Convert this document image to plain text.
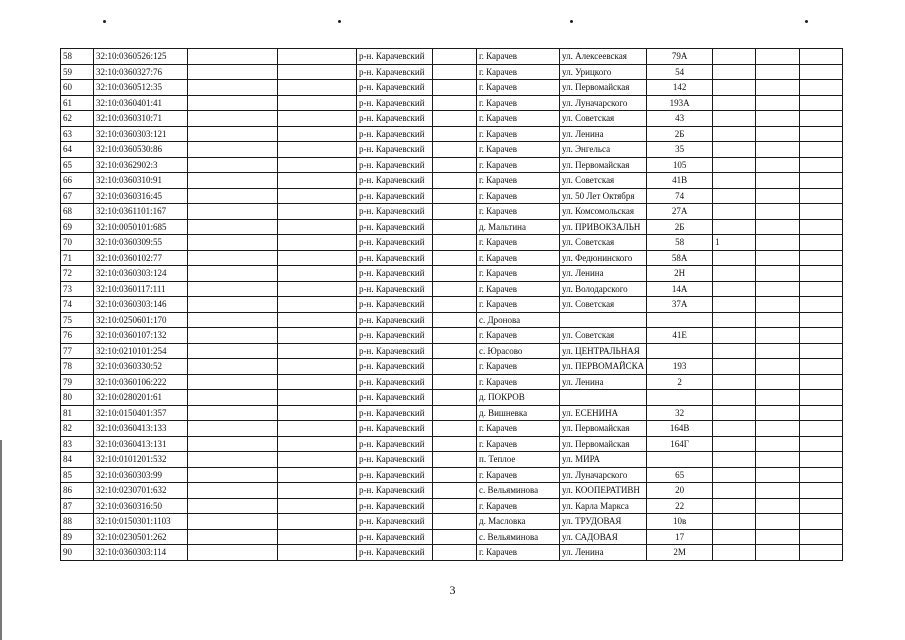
58	32:10:0360526:125			р-н. Карачевский		г. Карачев	ул. Алексеевская	79А			
59	32:10:0360327:76			р-н. Карачевский		г. Карачев	ул. Урицкого	54			
60	32:10:0360512:35			р-н. Карачевский		г. Карачев	ул. Первомайская	142			
61	32:10:0360401:41			р-н. Карачевский		г. Карачев	ул. Луначарского	193А			
62	32:10:0360310:71			р-н. Карачевский		г. Карачев	ул. Советская	43			
63	32:10:0360303:121			р-н. Карачевский		г. Карачев	ул. Ленина	2Б			
64	32:10:0360530:86			р-н. Карачевский		г. Карачев	ул. Энгельса	35			
65	32:10:0362902:3			р-н. Карачевский		г. Карачев	ул. Первомайская	105			
66	32:10:0360310:91			р-н. Карачевский		г. Карачев	ул. Советская	41В			
67	32:10:0360316:45			р-н. Карачевский		г. Карачев	ул. 50 Лет Октября	74			
68	32:10:0361101:167			р-н. Карачевский		г. Карачев	ул. Комсомольская	27А			
69	32:10:0050101:685			р-н. Карачевский		д. Мальтина	ул. ПРИВОКЗАЛЬН	2Б			
70	32:10:0360309:55			р-н. Карачевский		г. Карачев	ул. Советская	58	1		
71	32:10:0360102:77			р-н. Карачевский		г. Карачев	ул. Федюнинского	58А			
72	32:10:0360303:124			р-н. Карачевский		г. Карачев	ул. Ленина	2Н			
73	32:10:0360117:111			р-н. Карачевский		г. Карачев	ул. Володарского	14А			
74	32:10:0360303:146			р-н. Карачевский		г. Карачев	ул. Советская	37А			
75	32:10:0250601:170			р-н. Карачевский		с. Дронова					
76	32:10:0360107:132			р-н. Карачевский		г. Карачев	ул. Советская	41Е			
77	32:10:0210101:254			р-н. Карачевский		с. Юрасово	ул. ЦЕНТРАЛЬНАЯ				
78	32:10:0360330:52			р-н. Карачевский		г. Карачев	ул. ПЕРВОМАЙСКА	193			
79	32:10:0360106:222			р-н. Карачевский		г. Карачев	ул. Ленина	2			
80	32:10:0280201:61			р-н. Карачевский		д. ПОКРОВ					
81	32:10:0150401:357			р-н. Карачевский		д. Вишневка	ул. ЕСЕНИНА	32			
82	32:10:0360413:133			р-н. Карачевский		г. Карачев	ул. Первомайская	164В			
83	32:10:0360413:131			р-н. Карачевский		г. Карачев	ул. Первомайская	164Г			
84	32:10:0101201:532			р-н. Карачевский		п. Теплое	ул. МИРА				
85	32:10:0360303:99			р-н. Карачевский		г. Карачев	ул. Луначарского	65			
86	32:10:0230701:632			р-н. Карачевский		с. Вельяминова	ул. КООПЕРАТИВН	20			
87	32:10:0360316:50			р-н. Карачевский		г. Карачев	ул. Карла Маркса	22			
88	32:10:0150301:1103			р-н. Карачевский		д. Масловка	ул. ТРУДОВАЯ	10в			
89	32:10:0230501:262			р-н. Карачевский		с. Вельяминова	ул. САДОВАЯ	17			
90	32:10:0360303:114			р-н. Карачевский		г. Карачев	ул. Ленина	2М			
3
